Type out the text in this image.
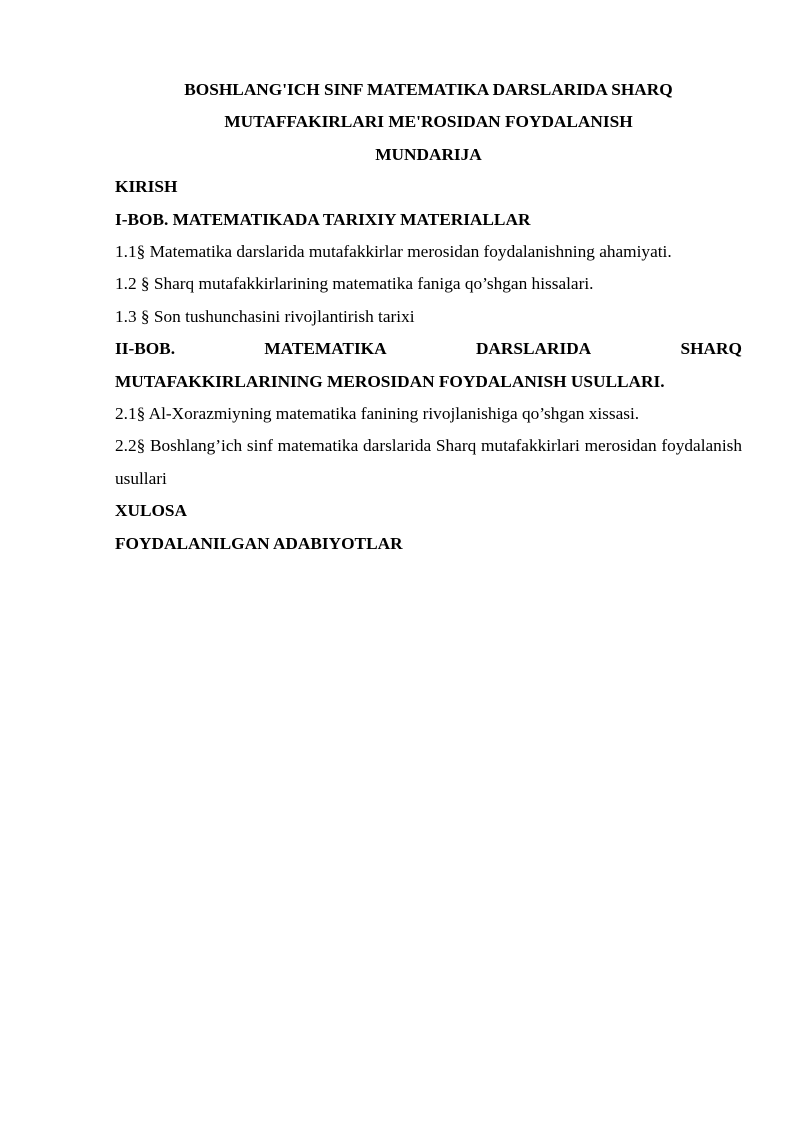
BOSHLANG'ICH SINF MATEMATIKA DARSLARIDA SHARQ

MUTAFFAKIRLARI ME'ROSIDAN FOYDALANISH

MUNDARIJA

KIRISH

I-BOB. MATEMATIKADA TARIXIY MATERIALLAR

1.1§ Matematika darslarida mutafakkirlar merosidan foydalanishning ahamiyati.

1.2 § Sharq mutafakkirlarining matematika faniga qo’shgan hissalari.

1.3 § Son tushunchasini rivojlantirish tarixi

II-BOB.	MATEMATIKA	DARSLARIDA	SHARQ

MUTAFAKKIRLARINING MEROSIDAN FOYDALANISH USULLARI.

2.1§ Al-Xorazmiyning matematika fanining rivojlanishiga qo’shgan xissasi.

2.2§ Boshlang’ich sinf matematika darslarida Sharq mutafakkirlari merosidan foydalanish usullari

XULOSA

FOYDALANILGAN ADABIYOTLAR
